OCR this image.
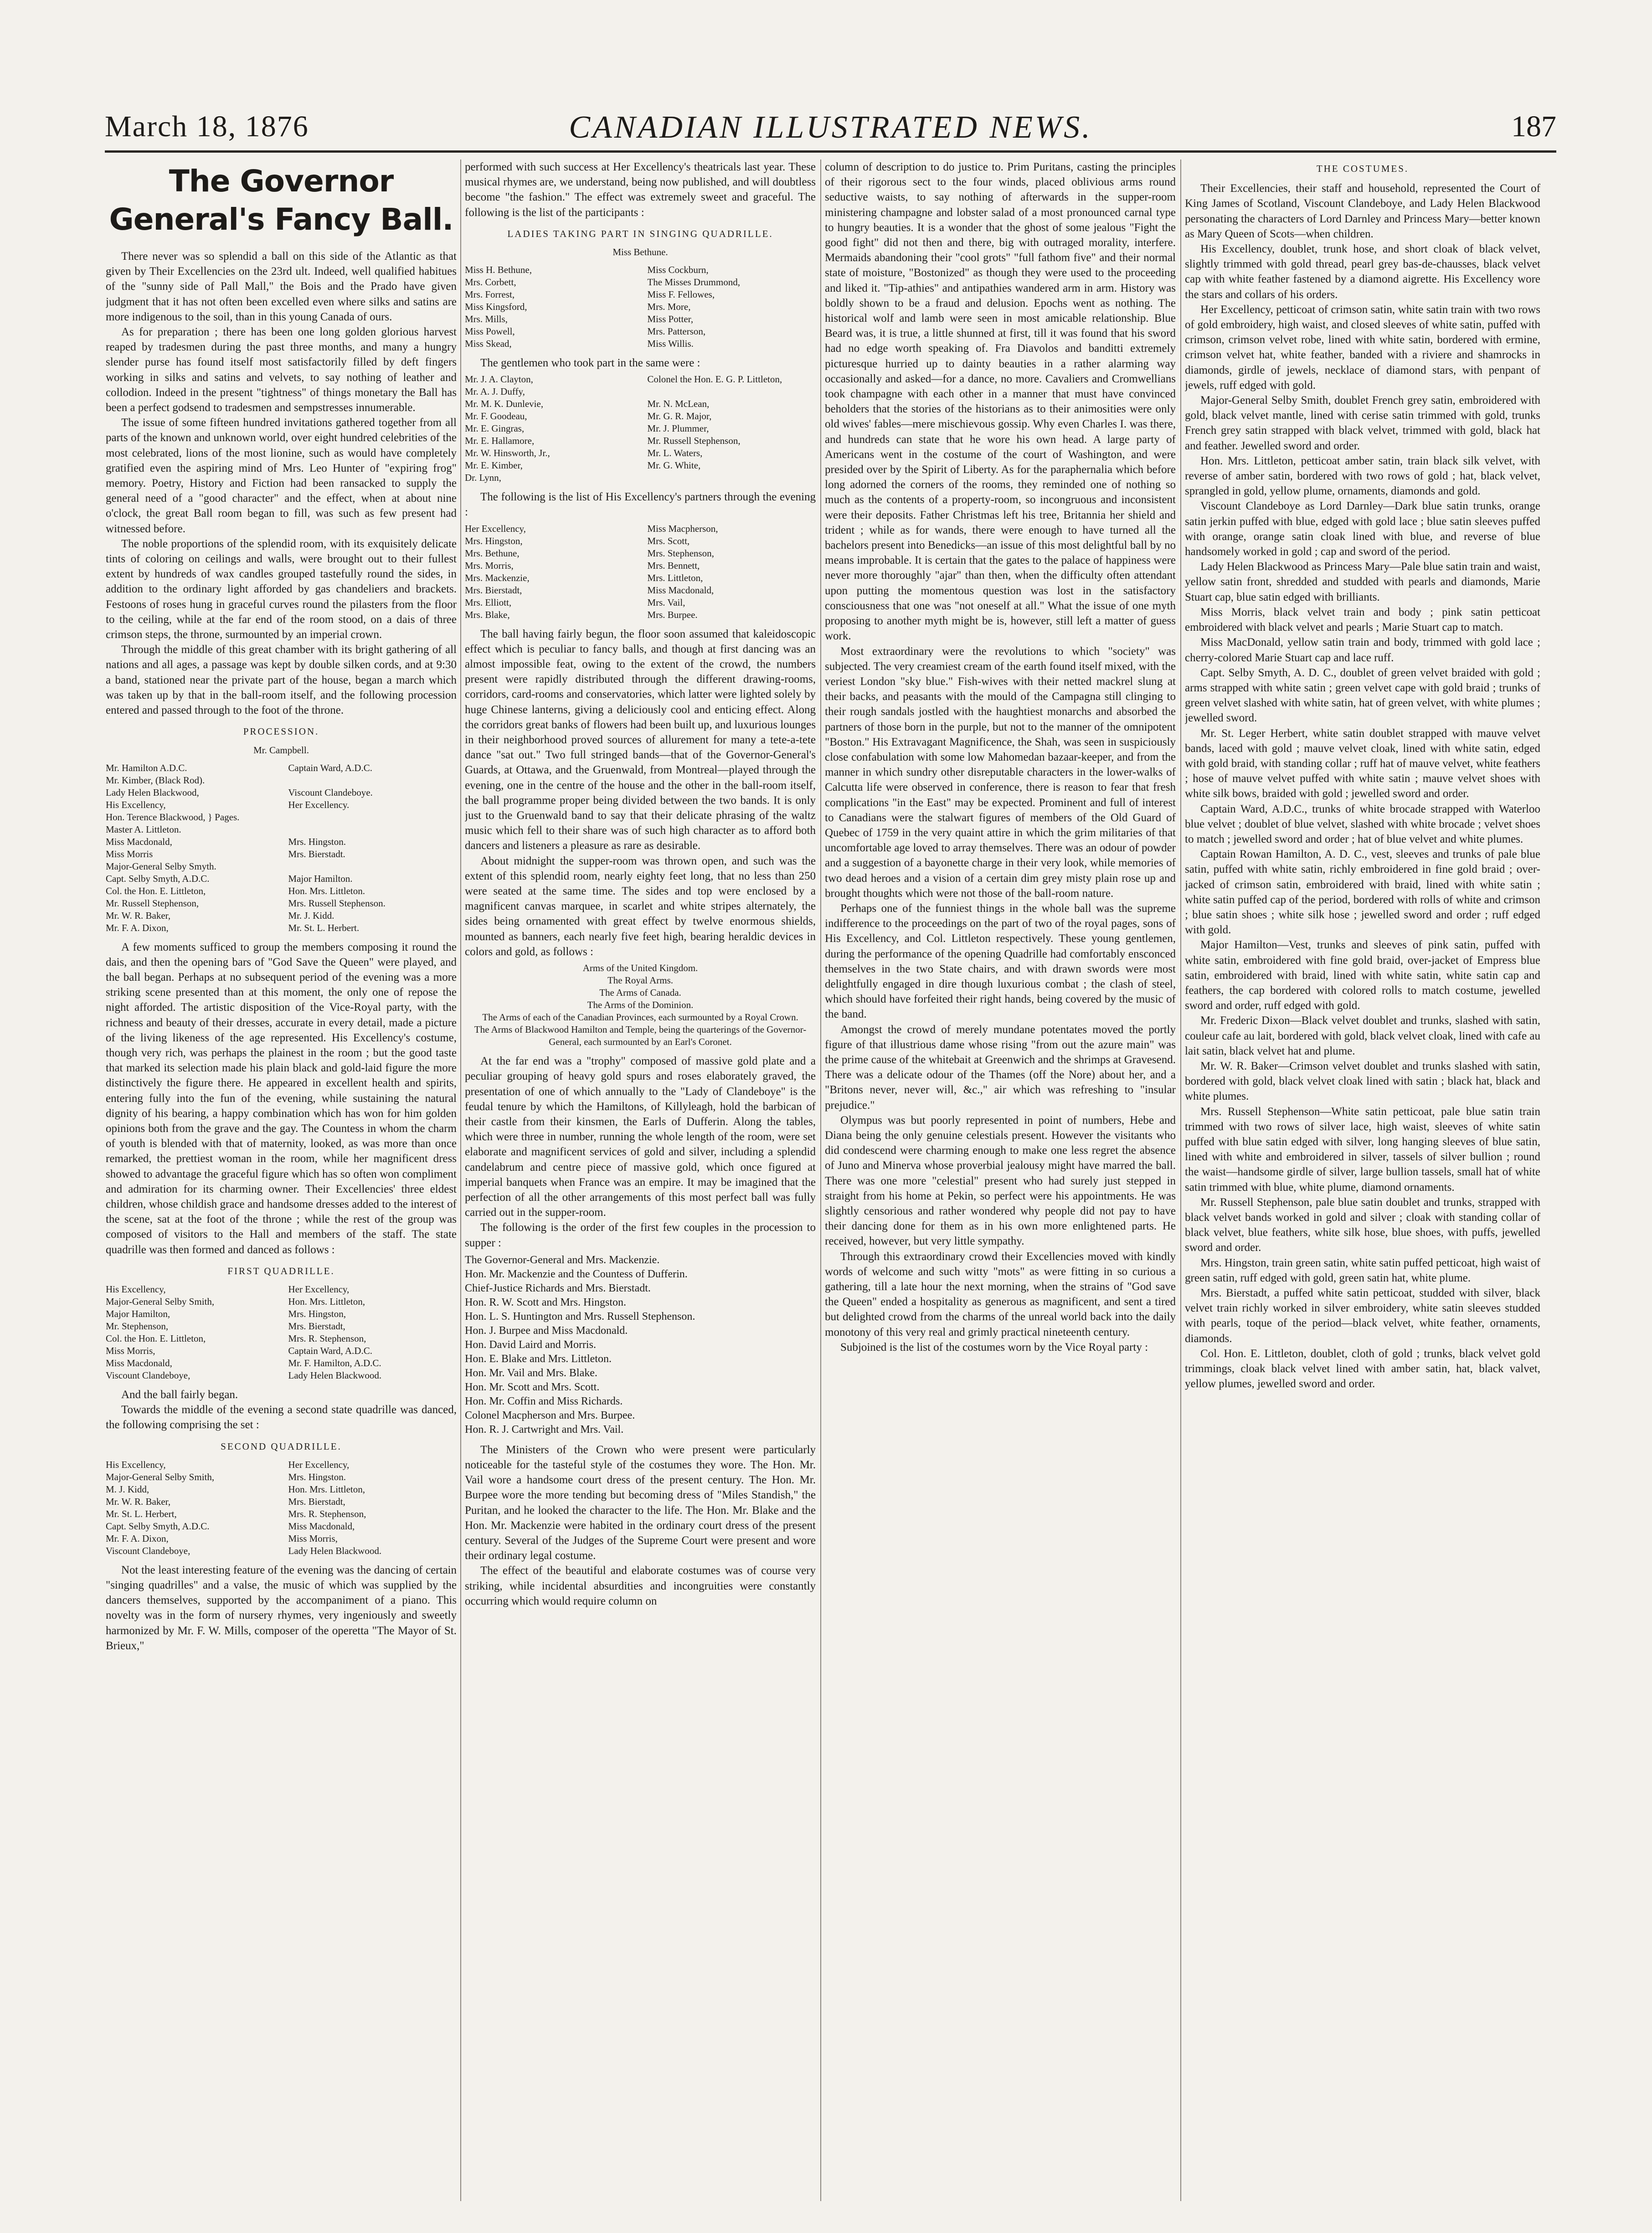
March 18, 1876	CANADIAN ILLUSTRATED NEWS.	187
The Governor General's Fancy Ball.

There never was so splendid a ball on this side of the Atlantic as that given by Their Excellencies on the 23rd ult. Indeed, well qualified habitues of the "sunny side of Pall Mall," the Bois and the Prado have given judgment that it has not often been excelled even where silks and satins are more indigenous to the soil, than in this young Canada of ours.

As for preparation ; there has been one long golden glorious harvest reaped by tradesmen during the past three months, and many a hungry slender purse has found itself most satisfactorily filled by deft fingers working in silks and satins and velvets, to say nothing of leather and collodion. Indeed in the present "tightness" of things monetary the Ball has been a perfect godsend to tradesmen and sempstresses innumerable.

The issue of some fifteen hundred invitations gathered together from all parts of the known and unknown world, over eight hundred celebrities of the most celebrated, lions of the most lionine, such as would have completely gratified even the aspiring mind of Mrs. Leo Hunter of "expiring frog" memory. Poetry, History and Fiction had been ransacked to supply the general need of a "good character" and the effect, when at about nine o'clock, the great Ball room began to fill, was such as few present had witnessed before.

The noble proportions of the splendid room, with its exquisitely delicate tints of coloring on ceilings and walls, were brought out to their fullest extent by hundreds of wax candles grouped tastefully round the sides, in addition to the ordinary light afforded by gas chandeliers and brackets. Festoons of roses hung in graceful curves round the pilasters from the floor to the ceiling, while at the far end of the room stood, on a dais of three crimson steps, the throne, surmounted by an imperial crown.

Through the middle of this great chamber with its bright gathering of all nations and all ages, a passage was kept by double silken cords, and at 9:30 a band, stationed near the private part of the house, began a march which was taken up by that in the ball-room itself, and the following procession entered and passed through to the foot of the throne.

PROCESSION.
Mr. Campbell.
Mr. Hamilton A.D.C.	Captain Ward, A.D.C.
Mr. Kimber, (Black Rod).
Lady Helen Blackwood,	Viscount Clandeboye.
His Excellency,	Her Excellency.
Hon. Terence Blackwood, } Pages.
Master A. Littleton.
Miss Macdonald,	Mrs. Hingston.
Miss Morris	Mrs. Bierstadt.
Major-General Selby Smyth.
Capt. Selby Smyth, A.D.C.	Major Hamilton.
Col. the Hon. E. Littleton,	Hon. Mrs. Littleton.
Mr. Russell Stephenson,	Mrs. Russell Stephenson.
Mr. W. R. Baker,	Mr. J. Kidd.
Mr. F. A. Dixon,	Mr. St. L. Herbert.

A few moments sufficed to group the members composing it round the dais, and then the opening bars of "God Save the Queen" were played, and the ball began. Perhaps at no subsequent period of the evening was a more striking scene presented than at this moment, the only one of repose the night afforded. The artistic disposition of the Vice-Royal party, with the richness and beauty of their dresses, accurate in every detail, made a picture of the living likeness of the age represented. His Excellency's costume, though very rich, was perhaps the plainest in the room ; but the good taste that marked its selection made his plain black and gold-laid figure the more distinctively the figure there. He appeared in excellent health and spirits, entering fully into the fun of the evening, while sustaining the natural dignity of his bearing, a happy combination which has won for him golden opinions both from the grave and the gay. The Countess in whom the charm of youth is blended with that of maternity, looked, as was more than once remarked, the prettiest woman in the room, while her magnificent dress showed to advantage the graceful figure which has so often won compliment and admiration for its charming owner. Their Excellencies' three eldest children, whose childish grace and handsome dresses added to the interest of the scene, sat at the foot of the throne ; while the rest of the group was composed of visitors to the Hall and members of the staff. The state quadrille was then formed and danced as follows :

FIRST QUADRILLE.
His Excellency,	Her Excellency,
Major-General Selby Smith,	Hon. Mrs. Littleton,
Major Hamilton,	Mrs. Hingston,
Mr. Stephenson,	Mrs. Bierstadt,
Col. the Hon. E. Littleton,	Mrs. R. Stephenson,
Miss Morris,	Captain Ward, A.D.C.
Miss Macdonald,	Mr. F. Hamilton, A.D.C.
Viscount Clandeboye,	Lady Helen Blackwood.

And the ball fairly began.

Towards the middle of the evening a second state quadrille was danced, the following comprising the set :

SECOND QUADRILLE.
His Excellency,	Her Excellency,
Major-General Selby Smith,	Mrs. Hingston.
M. J. Kidd,	Hon. Mrs. Littleton,
Mr. W. R. Baker,	Mrs. Bierstadt,
Mr. St. L. Herbert,	Mrs. R. Stephenson,
Capt. Selby Smyth, A.D.C.	Miss Macdonald,
Mr. F. A. Dixon,	Miss Morris,
Viscount Clandeboye,	Lady Helen Blackwood.

Not the least interesting feature of the evening was the dancing of certain "singing quadrilles" and a valse, the music of which was supplied by the dancers themselves, supported by the accompaniment of a piano. This novelty was in the form of nursery rhymes, very ingeniously and sweetly harmonized by Mr. F. W. Mills, composer of the operetta "The Mayor of St. Brieux,"

performed with such success at Her Excellency's theatricals last year. These musical rhymes are, we understand, being now published, and will doubtless become "the fashion." The effect was extremely sweet and graceful. The following is the list of the participants :

LADIES TAKING PART IN SINGING QUADRILLE.
Miss Bethune.
Miss H. Bethune,	Miss Cockburn,
Mrs. Corbett,	The Misses Drummond,
Mrs. Forrest,	Miss F. Fellowes,
Miss Kingsford,	Mrs. More,
Mrs. Mills,	Miss Potter,
Miss Powell,	Mrs. Patterson,
Miss Skead,	Miss Willis.

The gentlemen who took part in the same were :

Mr. J. A. Clayton,	Colonel the Hon. E. G. P. Littleton,
Mr. A. J. Duffy,
Mr. M. K. Dunlevie,	Mr. N. McLean,
Mr. F. Goodeau,	Mr. G. R. Major,
Mr. E. Gingras,	Mr. J. Plummer,
Mr. E. Hallamore,	Mr. Russell Stephenson,
Mr. W. Hinsworth, Jr.,	Mr. L. Waters,
Mr. E. Kimber,	Mr. G. White,
Dr. Lynn,

The following is the list of His Excellency's partners through the evening :

Her Excellency,	Miss Macpherson,
Mrs. Hingston,	Mrs. Scott,
Mrs. Bethune,	Mrs. Stephenson,
Mrs. Morris,	Mrs. Bennett,
Mrs. Mackenzie,	Mrs. Littleton,
Mrs. Bierstadt,	Miss Macdonald,
Mrs. Elliott,	Mrs. Vail,
Mrs. Blake,	Mrs. Burpee.

The ball having fairly begun, the floor soon assumed that kaleidoscopic effect which is peculiar to fancy balls, and though at first dancing was an almost impossible feat, owing to the extent of the crowd, the numbers present were rapidly distributed through the different drawing-rooms, corridors, card-rooms and conservatories, which latter were lighted solely by huge Chinese lanterns, giving a deliciously cool and enticing effect. Along the corridors great banks of flowers had been built up, and luxurious lounges in their neighborhood proved sources of allurement for many a tete-a-tete dance "sat out." Two full stringed bands—that of the Governor-General's Guards, at Ottawa, and the Gruenwald, from Montreal—played through the evening, one in the centre of the house and the other in the ball-room itself, the ball programme proper being divided between the two bands. It is only just to the Gruenwald band to say that their delicate phrasing of the waltz music which fell to their share was of such high character as to afford both dancers and listeners a pleasure as rare as desirable.

About midnight the supper-room was thrown open, and such was the extent of this splendid room, nearly eighty feet long, that no less than 250 were seated at the same time. The sides and top were enclosed by a magnificent canvas marquee, in scarlet and white stripes alternately, the sides being ornamented with great effect by twelve enormous shields, mounted as banners, each nearly five feet high, bearing heraldic devices in colors and gold, as follows :

Arms of the United Kingdom.
The Royal Arms.
The Arms of Canada.
The Arms of the Dominion.
The Arms of each of the Canadian Provinces, each surmounted by a Royal Crown.
The Arms of Blackwood Hamilton and Temple, being the quarterings of the Governor-General, each surmounted by an Earl's Coronet.

At the far end was a "trophy" composed of massive gold plate and a peculiar grouping of heavy gold spurs and roses elaborately graved, the presentation of one of which annually to the "Lady of Clandeboye" is the feudal tenure by which the Hamiltons, of Killyleagh, hold the barbican of their castle from their kinsmen, the Earls of Dufferin. Along the tables, which were three in number, running the whole length of the room, were set elaborate and magnificent services of gold and silver, including a splendid candelabrum and centre piece of massive gold, which once figured at imperial banquets when France was an empire. It may be imagined that the perfection of all the other arrangements of this most perfect ball was fully carried out in the supper-room.

The following is the order of the first few couples in the procession to supper :

The Governor-General and Mrs. Mackenzie.
Hon. Mr. Mackenzie and the Countess of Dufferin.
Chief-Justice Richards and Mrs. Bierstadt.
Hon. R. W. Scott and Mrs. Hingston.
Hon. L. S. Huntington and Mrs. Russell Stephenson.
Hon. J. Burpee and Miss Macdonald.
Hon. David Laird and Morris.
Hon. E. Blake and Mrs. Littleton.
Hon. Mr. Vail and Mrs. Blake.
Hon. Mr. Scott and Mrs. Scott.
Hon. Mr. Coffin and Miss Richards.
Colonel Macpherson and Mrs. Burpee.
Hon. R. J. Cartwright and Mrs. Vail.

The Ministers of the Crown who were present were particularly noticeable for the tasteful style of the costumes they wore. The Hon. Mr. Vail wore a handsome court dress of the present century. The Hon. Mr. Burpee wore the more tending but becoming dress of "Miles Standish," the Puritan, and he looked the character to the life. The Hon. Mr. Blake and the Hon. Mr. Mackenzie were habited in the ordinary court dress of the present century. Several of the Judges of the Supreme Court were present and wore their ordinary legal costume.

The effect of the beautiful and elaborate costumes was of course very striking, while incidental absurdities and incongruities were constantly occurring which would require column on

column of description to do justice to. Prim Puritans, casting the principles of their rigorous sect to the four winds, placed oblivious arms round seductive waists, to say nothing of afterwards in the supper-room ministering champagne and lobster salad of a most pronounced carnal type to hungry beauties. It is a wonder that the ghost of some jealous "Fight the good fight" did not then and there, big with outraged morality, interfere. Mermaids abandoning their "cool grots" "full fathom five" and their normal state of moisture, "Bostonized" as though they were used to the proceeding and liked it. "Tip-athies" and antipathies wandered arm in arm. History was boldly shown to be a fraud and delusion. Epochs went as nothing. The historical wolf and lamb were seen in most amicable relationship. Blue Beard was, it is true, a little shunned at first, till it was found that his sword had no edge worth speaking of. Fra Diavolos and banditti extremely picturesque hurried up to dainty beauties in a rather alarming way occasionally and asked—for a dance, no more. Cavaliers and Cromwellians took champagne with each other in a manner that must have convinced beholders that the stories of the historians as to their animosities were only old wives' fables—mere mischievous gossip. Why even Charles I. was there, and hundreds can state that he wore his own head. A large party of Americans went in the costume of the court of Washington, and were presided over by the Spirit of Liberty. As for the paraphernalia which before long adorned the corners of the rooms, they reminded one of nothing so much as the contents of a property-room, so incongruous and inconsistent were their deposits. Father Christmas left his tree, Britannia her shield and trident ; while as for wands, there were enough to have turned all the bachelors present into Benedicks—an issue of this most delightful ball by no means improbable. It is certain that the gates to the palace of happiness were never more thoroughly "ajar" than then, when the difficulty often attendant upon putting the momentous question was lost in the satisfactory consciousness that one was "not oneself at all." What the issue of one myth proposing to another myth might be is, however, still left a matter of guess work.

Most extraordinary were the revolutions to which "society" was subjected. The very creamiest cream of the earth found itself mixed, with the veriest London "sky blue." Fish-wives with their netted mackrel slung at their backs, and peasants with the mould of the Campagna still clinging to their rough sandals jostled with the haughtiest monarchs and absorbed the partners of those born in the purple, but not to the manner of the omnipotent "Boston." His Extravagant Magnificence, the Shah, was seen in suspiciously close confabulation with some low Mahomedan bazaar-keeper, and from the manner in which sundry other disreputable characters in the lower-walks of Calcutta life were observed in conference, there is reason to fear that fresh complications "in the East" may be expected. Prominent and full of interest to Canadians were the stalwart figures of members of the Old Guard of Quebec of 1759 in the very quaint attire in which the grim militaries of that uncomfortable age loved to array themselves. There was an odour of powder and a suggestion of a bayonette charge in their very look, while memories of two dead heroes and a vision of a certain dim grey misty plain rose up and brought thoughts which were not those of the ball-room nature.

Perhaps one of the funniest things in the whole ball was the supreme indifference to the proceedings on the part of two of the royal pages, sons of His Excellency, and Col. Littleton respectively. These young gentlemen, during the performance of the opening Quadrille had comfortably ensconced themselves in the two State chairs, and with drawn swords were most delightfully engaged in dire though luxurious combat ; the clash of steel, which should have forfeited their right hands, being covered by the music of the band.

Amongst the crowd of merely mundane potentates moved the portly figure of that illustrious dame whose rising "from out the azure main" was the prime cause of the whitebait at Greenwich and the shrimps at Gravesend. There was a delicate odour of the Thames (off the Nore) about her, and a "Britons never, never will, &c.," air which was refreshing to "insular prejudice."

Olympus was but poorly represented in point of numbers, Hebe and Diana being the only genuine celestials present. However the visitants who did condescend were charming enough to make one less regret the absence of Juno and Minerva whose proverbial jealousy might have marred the ball. There was one more "celestial" present who had surely just stepped in straight from his home at Pekin, so perfect were his appointments. He was slightly censorious and rather wondered why people did not pay to have their dancing done for them as in his own more enlightened parts. He received, however, but very little sympathy.

Through this extraordinary crowd their Excellencies moved with kindly words of welcome and such witty "mots" as were fitting in so curious a gathering, till a late hour the next morning, when the strains of "God save the Queen" ended a hospitality as generous as magnificent, and sent a tired but delighted crowd from the charms of the unreal world back into the daily monotony of this very real and grimly practical nineteenth century.

Subjoined is the list of the costumes worn by the Vice Royal party :

THE COSTUMES.

Their Excellencies, their staff and household, represented the Court of King James of Scotland, Viscount Clandeboye, and Lady Helen Blackwood personating the characters of Lord Darnley and Princess Mary—better known as Mary Queen of Scots—when children.

His Excellency, doublet, trunk hose, and short cloak of black velvet, slightly trimmed with gold thread, pearl grey bas-de-chausses, black velvet cap with white feather fastened by a diamond aigrette. His Excellency wore the stars and collars of his orders.

Her Excellency, petticoat of crimson satin, white satin train with two rows of gold embroidery, high waist, and closed sleeves of white satin, puffed with crimson, crimson velvet robe, lined with white satin, bordered with ermine, crimson velvet hat, white feather, banded with a riviere and shamrocks in diamonds, girdle of jewels, necklace of diamond stars, with penpant of jewels, ruff edged with gold.

Major-General Selby Smith, doublet French grey satin, embroidered with gold, black velvet mantle, lined with cerise satin trimmed with gold, trunks French grey satin strapped with black velvet, trimmed with gold, black hat and feather. Jewelled sword and order.

Hon. Mrs. Littleton, petticoat amber satin, train black silk velvet, with reverse of amber satin, bordered with two rows of gold ; hat, black velvet, sprangled in gold, yellow plume, ornaments, diamonds and gold.

Viscount Clandeboye as Lord Darnley—Dark blue satin trunks, orange satin jerkin puffed with blue, edged with gold lace ; blue satin sleeves puffed with orange, orange satin cloak lined with blue, and reverse of blue handsomely worked in gold ; cap and sword of the period.

Lady Helen Blackwood as Princess Mary—Pale blue satin train and waist, yellow satin front, shredded and studded with pearls and diamonds, Marie Stuart cap, blue satin edged with brilliants.

Miss Morris, black velvet train and body ; pink satin petticoat embroidered with black velvet and pearls ; Marie Stuart cap to match.

Miss MacDonald, yellow satin train and body, trimmed with gold lace ; cherry-colored Marie Stuart cap and lace ruff.

Capt. Selby Smyth, A. D. C., doublet of green velvet braided with gold ; arms strapped with white satin ; green velvet cape with gold braid ; trunks of green velvet slashed with white satin, hat of green velvet, with white plumes ; jewelled sword.

Mr. St. Leger Herbert, white satin doublet strapped with mauve velvet bands, laced with gold ; mauve velvet cloak, lined with white satin, edged with gold braid, with standing collar ; ruff hat of mauve velvet, white feathers ; hose of mauve velvet puffed with white satin ; mauve velvet shoes with white silk bows, braided with gold ; jewelled sword and order.

Captain Ward, A.D.C., trunks of white brocade strapped with Waterloo blue velvet ; doublet of blue velvet, slashed with white brocade ; velvet shoes to match ; jewelled sword and order ; hat of blue velvet and white plumes.

Captain Rowan Hamilton, A. D. C., vest, sleeves and trunks of pale blue satin, puffed with white satin, richly embroidered in fine gold braid ; over-jacked of crimson satin, embroidered with braid, lined with white satin ; white satin puffed cap of the period, bordered with rolls of white and crimson ; blue satin shoes ; white silk hose ; jewelled sword and order ; ruff edged with gold.

Major Hamilton—Vest, trunks and sleeves of pink satin, puffed with white satin, embroidered with fine gold braid, over-jacket of Empress blue satin, embroidered with braid, lined with white satin, white satin cap and feathers, the cap bordered with colored rolls to match costume, jewelled sword and order, ruff edged with gold.

Mr. Frederic Dixon—Black velvet doublet and trunks, slashed with satin, couleur cafe au lait, bordered with gold, black velvet cloak, lined with cafe au lait satin, black velvet hat and plume.

Mr. W. R. Baker—Crimson velvet doublet and trunks slashed with satin, bordered with gold, black velvet cloak lined with satin ; black hat, black and white plumes.

Mrs. Russell Stephenson—White satin petticoat, pale blue satin train trimmed with two rows of silver lace, high waist, sleeves of white satin puffed with blue satin edged with silver, long hanging sleeves of blue satin, lined with white and embroidered in silver, tassels of silver bullion ; round the waist—handsome girdle of silver, large bullion tassels, small hat of white satin trimmed with blue, white plume, diamond ornaments.

Mr. Russell Stephenson, pale blue satin doublet and trunks, strapped with black velvet bands worked in gold and silver ; cloak with standing collar of black velvet, blue feathers, white silk hose, blue shoes, with puffs, jewelled sword and order.

Mrs. Hingston, train green satin, white satin puffed petticoat, high waist of green satin, ruff edged with gold, green satin hat, white plume.

Mrs. Bierstadt, a puffed white satin petticoat, studded with silver, black velvet train richly worked in silver embroidery, white satin sleeves studded with pearls, toque of the period—black velvet, white feather, ornaments, diamonds.

Col. Hon. E. Littleton, doublet, cloth of gold ; trunks, black velvet gold trimmings, cloak black velvet lined with amber satin, hat, black valvet, yellow plumes, jewelled sword and order.
